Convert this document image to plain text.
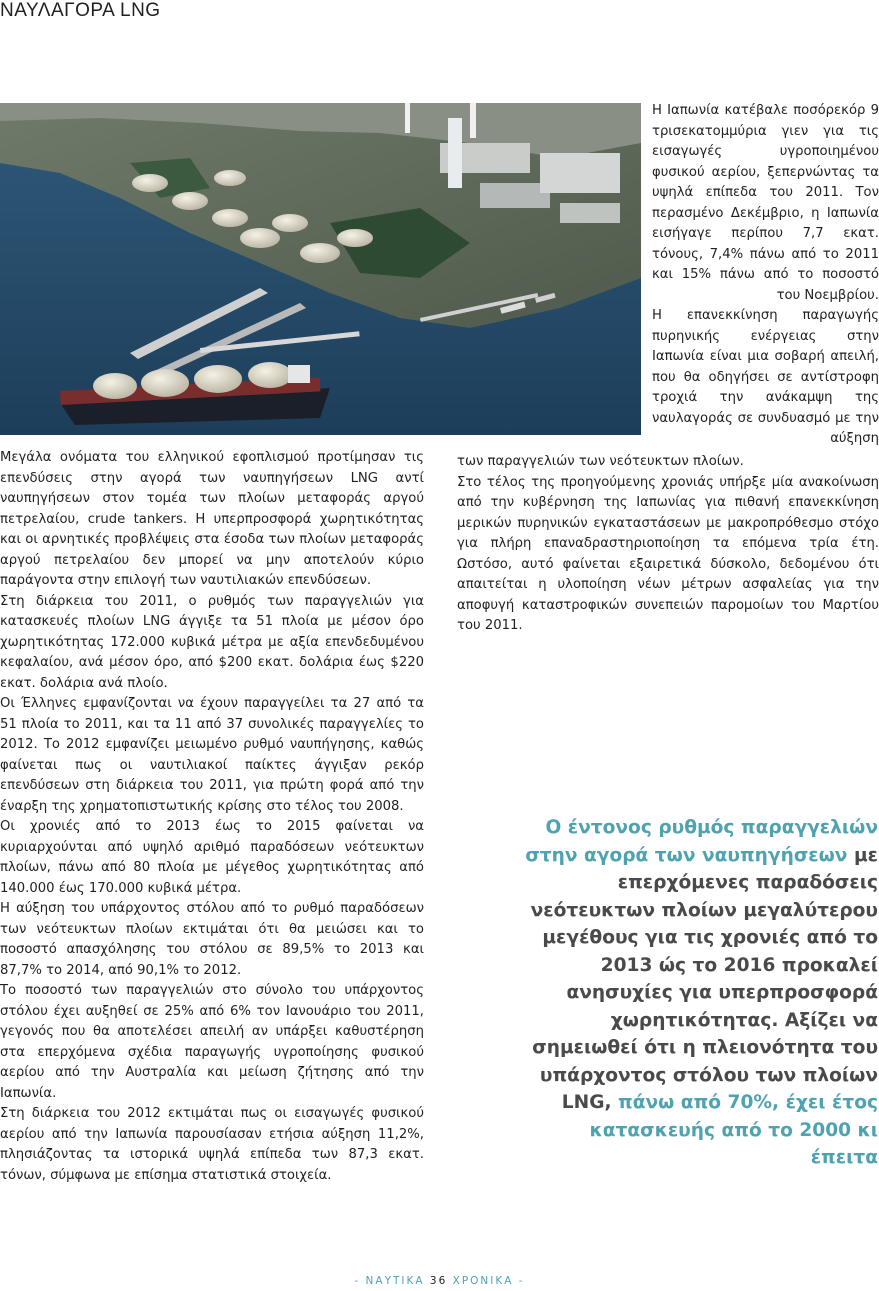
ΝΑΥΛΑΓΟΡΑ LNG

Η Ιαπωνία κατέβαλε ποσόρεκόρ 9 τρισεκατομμύρια γιεν για τις εισαγωγές υγροποιημένου φυσικού αερίου, ξεπερνώντας τα υψηλά επίπεδα του 2011. Τον περασμένο Δεκέμβριο, η Ιαπωνία εισήγαγε περίπου 7,7 εκατ. τόνους, 7,4% πάνω από το 2011 και 15% πάνω από το ποσοστό του Νοεμβρίου.

Η επανεκκίνηση παραγωγής πυρηνικής ενέργειας στην Ιαπωνία είναι μια σοβαρή απειλή, που θα οδηγήσει σε αντίστροφη τροχιά την ανάκαμψη της ναυλαγοράς σε συνδυασμό με την αύξηση

των παραγγελιών των νεότευκτων πλοίων.

Στο τέλος της προηγούμενης χρονιάς υπήρξε μία ανακοίνωση από την κυβέρνηση της Ιαπωνίας για πιθανή επανεκκίνηση μερικών πυρηνικών εγκαταστάσεων με μακροπρόθεσμο στόχο για πλήρη επαναδραστηριοποίηση τα επόμενα τρία έτη. Ωστόσο, αυτό φαίνεται εξαιρετικά δύσκολο, δεδομένου ότι απαιτείται η υλοποίηση νέων μέτρων ασφαλείας για την αποφυγή καταστροφικών συνεπειών παρομοίων του Μαρτίου του 2011.

Μεγάλα ονόματα του ελληνικού εφοπλισμού προτίμησαν τις επενδύσεις στην αγορά των ναυπηγήσεων LNG αντί ναυπηγήσεων στον τομέα των πλοίων μεταφοράς αργού πετρελαίου, crude tankers. Η υπερπροσφορά χωρητικότητας και οι αρνητικές προβλέψεις στα έσοδα των πλοίων μεταφοράς αργού πετρελαίου δεν μπορεί να μην αποτελούν κύριο παράγοντα στην επιλογή των ναυτιλιακών επενδύσεων.

Στη διάρκεια του 2011, ο ρυθμός των παραγγελιών για κατασκευές πλοίων LNG άγγιξε τα 51 πλοία με μέσον όρο χωρητικότητας 172.000 κυβικά μέτρα με αξία επενδεδυμένου κεφαλαίου, ανά μέσον όρο, από $200 εκατ. δολάρια έως $220 εκατ. δολάρια ανά πλοίο.

Οι Έλληνες εμφανίζονται να έχουν παραγγείλει τα 27 από τα 51 πλοία το 2011, και τα 11 από 37 συνολικές παραγγελίες το 2012. Το 2012 εμφανίζει μειωμένο ρυθμό ναυπήγησης, καθώς φαίνεται πως οι ναυτιλιακοί παίκτες άγγιξαν ρεκόρ επενδύσεων στη διάρκεια του 2011, για πρώτη φορά από την έναρξη της χρηματοπιστωτικής κρίσης στο τέλος του 2008.

Οι χρονιές από το 2013 έως το 2015 φαίνεται να κυριαρχούνται από υψηλό αριθμό παραδόσεων νεότευκτων πλοίων, πάνω από 80 πλοία με μέγεθος χωρητικότητας από 140.000 έως 170.000 κυβικά μέτρα.

Η αύξηση του υπάρχοντος στόλου από το ρυθμό παραδόσεων των νεότευκτων πλοίων εκτιμάται ότι θα μειώσει και το ποσοστό απασχόλησης του στόλου σε 89,5% το 2013 και 87,7% το 2014, από 90,1% το 2012.

Το ποσοστό των παραγγελιών στο σύνολο του υπάρχοντος στόλου έχει αυξηθεί σε 25% από 6% τον Ιανουάριο του 2011, γεγονός που θα αποτελέσει απειλή αν υπάρξει καθυστέρηση στα επερχόμενα σχέδια παραγωγής υγροποίησης φυσικού αερίου από την Αυστραλία και μείωση ζήτησης από την Ιαπωνία.

Στη διάρκεια του 2012 εκτιμάται πως οι εισαγωγές φυσικού αερίου από την Ιαπωνία παρουσίασαν ετήσια αύξηση 11,2%, πλησιάζοντας τα ιστορικά υψηλά επίπεδα των 87,3 εκατ. τόνων, σύμφωνα με επίσημα στατιστικά στοιχεία.

Ο έντονος ρυθμός παραγγελιών στην αγορά των ναυπηγήσεων με επερχόμενες παραδόσεις νεότευκτων πλοίων μεγαλύτερου μεγέθους για τις χρονιές από το 2013 ώς το 2016 προκαλεί ανησυχίες για υπερπροσφορά χωρητικότητας. Αξίζει να σημειωθεί ότι η πλειονότητα του υπάρχοντος στόλου των πλοίων LNG, πάνω από 70%, έχει έτος κατασκευής από το 2000 κι έπειτα

- ΝΑΥΤΙΚΑ 36 ΧΡΟΝΙΚΑ -
